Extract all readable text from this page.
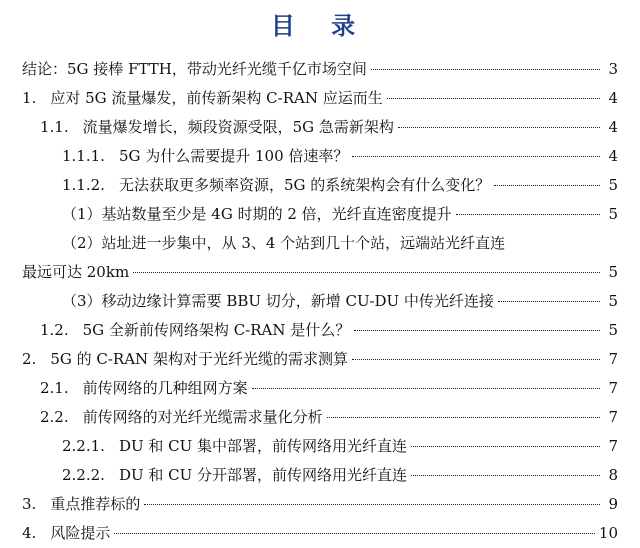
目 录
结论：5G 接棒 FTTH，带动光纤光缆千亿市场空间	3
1. 应对 5G 流量爆发，前传新架构 C-RAN 应运而生	4
1.1. 流量爆发增长，频段资源受限，5G 急需新架构	4
1.1.1. 5G 为什么需要提升 100 倍速率？	4
1.1.2. 无法获取更多频率资源，5G 的系统架构会有什么变化？	5
（1）基站数量至少是 4G 时期的 2 倍，光纤直连密度提升	5
（2）站址进一步集中，从 3、4 个站到几十个站，远端站光纤直连
最远可达 20km	5
（3）移动边缘计算需要 BBU 切分，新增 CU-DU 中传光纤连接	5
1.2. 5G 全新前传网络架构 C-RAN 是什么？	5
2. 5G 的 C-RAN 架构对于光纤光缆的需求测算	7
2.1. 前传网络的几种组网方案	7
2.2. 前传网络的对光纤光缆需求量化分析	7
2.2.1. DU 和 CU 集中部署，前传网络用光纤直连	7
2.2.2. DU 和 CU 分开部署，前传网络用光纤直连	8
3. 重点推荐标的	9
4. 风险提示	10
